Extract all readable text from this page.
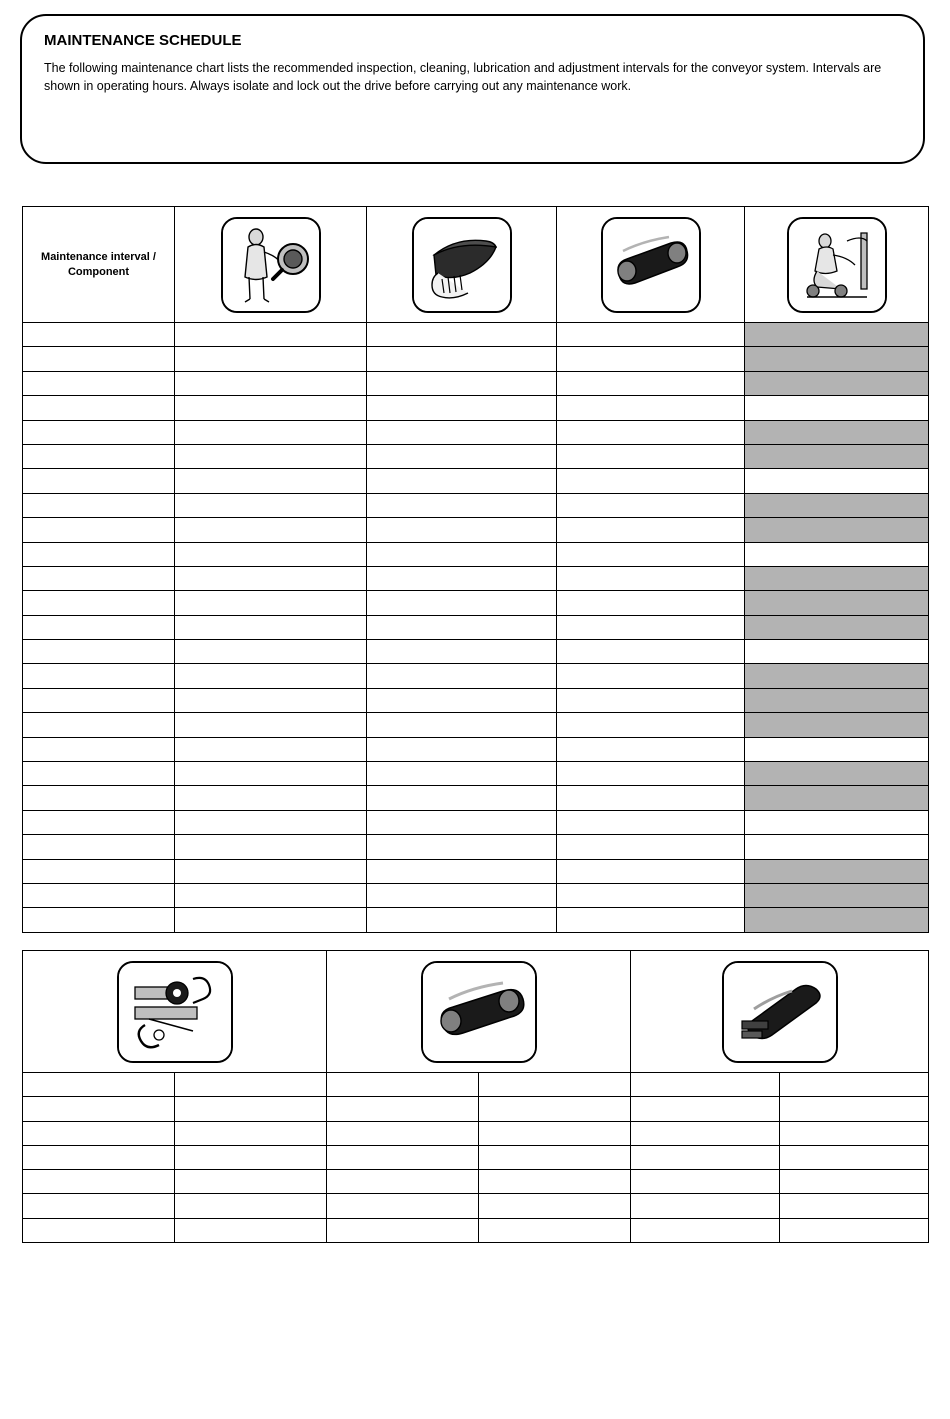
MAINTENANCE SCHEDULE
The following maintenance chart lists the recommended inspection, cleaning, lubrication and adjustment intervals for the conveyor system. Intervals are shown in operating hours. Always isolate and lock out the drive before carrying out any maintenance work.
Maintenance interval / Component	
